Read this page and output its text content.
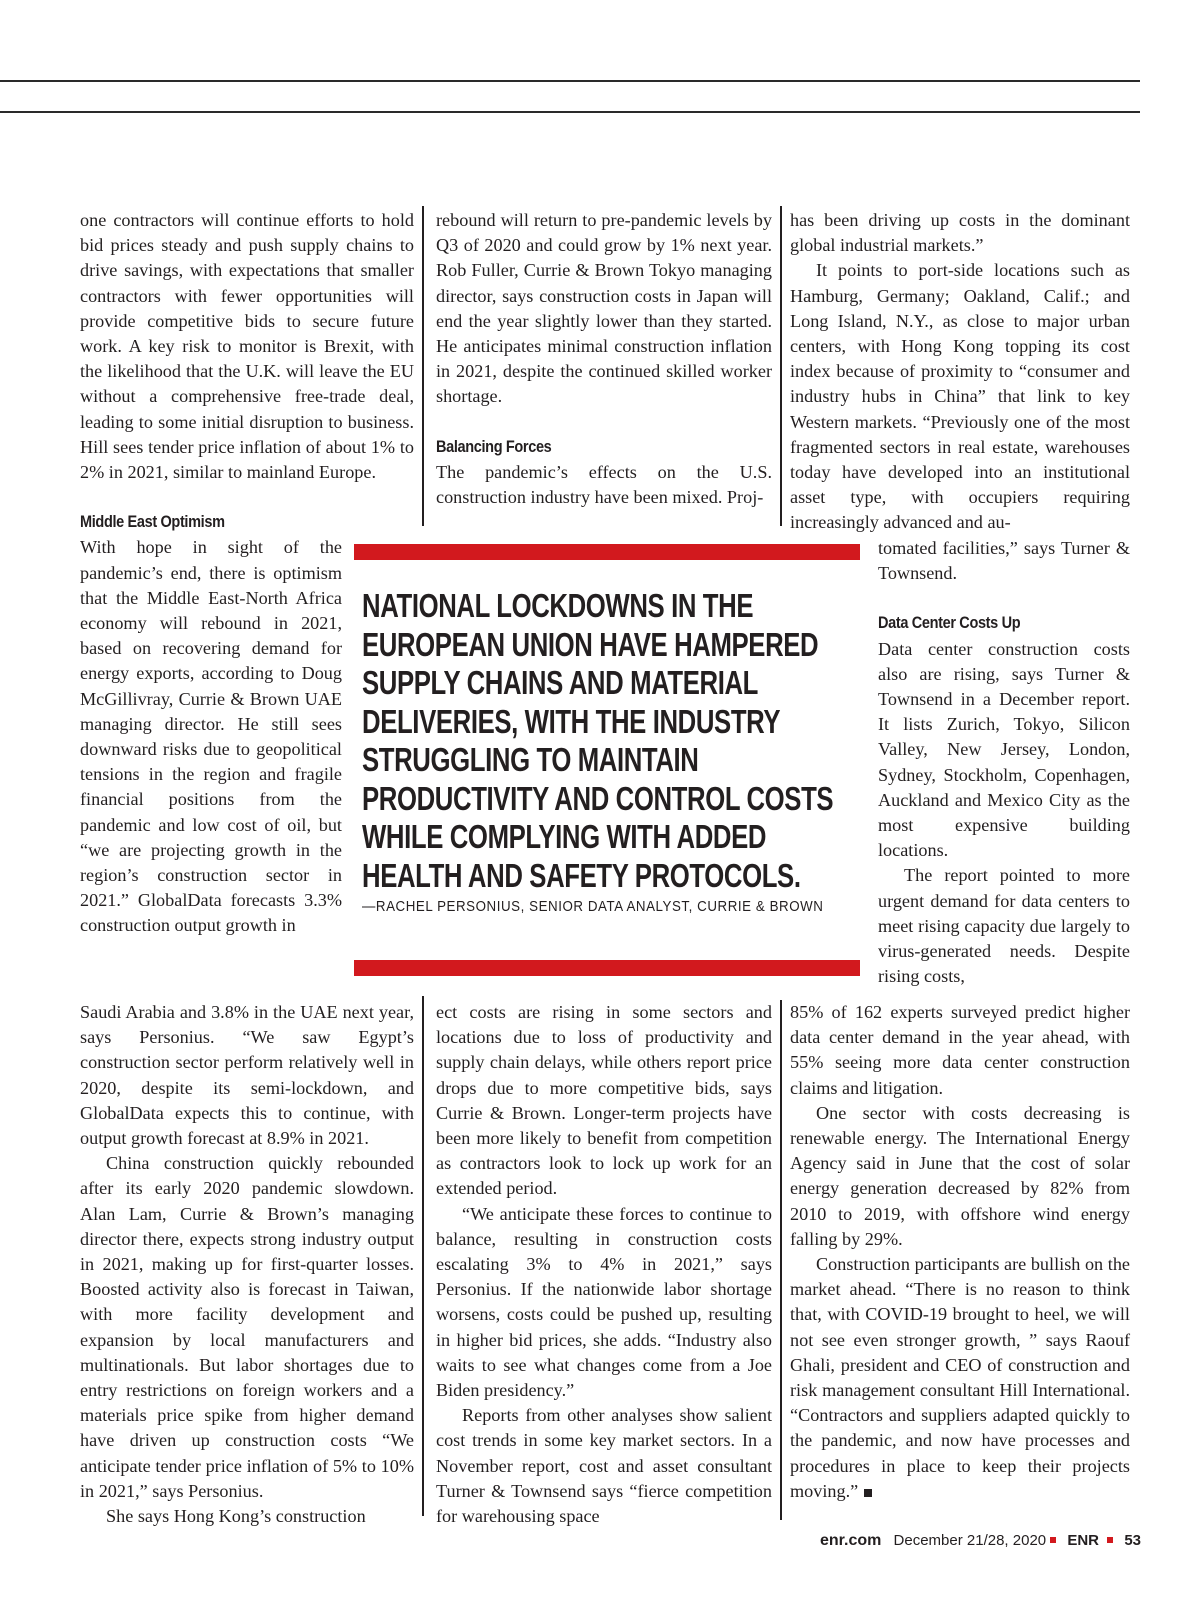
one contractors will continue efforts to hold bid prices steady and push supply chains to drive savings, with expectations that smaller contractors with fewer opportunities will provide competitive bids to secure future work. A key risk to monitor is Brexit, with the likelihood that the U.K. will leave the EU without a comprehensive free-trade deal, leading to some initial disruption to business. Hill sees tender price inflation of about 1% to 2% in 2021, similar to mainland Europe.

Middle East Optimism

With hope in sight of the pandemic’s end, there is optimism that the Middle East-North Africa economy will rebound in 2021, based on recovering demand for energy exports, according to Doug McGillivray, Currie & Brown UAE managing director. He still sees downward risks due to geopolitical tensions in the region and fragile financial positions from the pandemic and low cost of oil, but “we are projecting growth in the region’s construction sector in 2021.” GlobalData forecasts 3.3% construction output growth in

Saudi Arabia and 3.8% in the UAE next year, says Personius. “We saw Egypt’s construction sector perform relatively well in 2020, despite its semi-lockdown, and GlobalData expects this to continue, with output growth forecast at 8.9% in 2021.

China construction quickly rebounded after its early 2020 pandemic slowdown. Alan Lam, Currie & Brown’s managing director there, expects strong industry output in 2021, making up for first-quarter losses. Boosted activity also is forecast in Taiwan, with more facility development and expansion by local manufacturers and multinationals. But labor shortages due to entry restrictions on foreign workers and a materials price spike from higher demand have driven up construction costs “We anticipate tender price inflation of 5% to 10% in 2021,” says Personius.

She says Hong Kong’s construction

rebound will return to pre-pandemic levels by Q3 of 2020 and could grow by 1% next year. Rob Fuller, Currie & Brown Tokyo managing director, says construction costs in Japan will end the year slightly lower than they started. He anticipates minimal construction inflation in 2021, despite the continued skilled worker shortage.

Balancing Forces

The pandemic’s effects on the U.S. construction industry have been mixed. Proj-

ect costs are rising in some sectors and locations due to loss of productivity and supply chain delays, while others report price drops due to more competitive bids, says Currie & Brown. Longer-term projects have been more likely to benefit from competition as contractors look to lock up work for an extended period.

“We anticipate these forces to continue to balance, resulting in construction costs escalating 3% to 4% in 2021,” says Personius. If the nationwide labor shortage worsens, costs could be pushed up, resulting in higher bid prices, she adds. “Industry also waits to see what changes come from a Joe Biden presidency.”

Reports from other analyses show salient cost trends in some key market sectors. In a November report, cost and asset consultant Turner & Townsend says “fierce competition for warehousing space

has been driving up costs in the dominant global industrial markets.”

It points to port-side locations such as Hamburg, Germany; Oakland, Calif.; and Long Island, N.Y., as close to major urban centers, with Hong Kong topping its cost index because of proximity to “consumer and industry hubs in China” that link to key Western markets. “Previously one of the most fragmented sectors in real estate, warehouses today have developed into an institutional asset type, with occupiers requiring increasingly advanced and au-

tomated facilities,” says Turner & Townsend.

Data Center Costs Up

Data center construction costs also are rising, says Turner & Townsend in a December report. It lists Zurich, Tokyo, Silicon Valley, New Jersey, London, Sydney, Stockholm, Copenhagen, Auckland and Mexico City as the most expensive building locations.

The report pointed to more urgent demand for data centers to meet rising capacity due largely to virus-generated needs. Despite rising costs,

85% of 162 experts surveyed predict higher data center demand in the year ahead, with 55% seeing more data center construction claims and litigation.

One sector with costs decreasing is renewable energy. The International Energy Agency said in June that the cost of solar energy generation decreased by 82% from 2010 to 2019, with offshore wind energy falling by 29%.

Construction participants are bullish on the market ahead. “There is no reason to think that, with COVID-19 brought to heel, we will not see even stronger growth, ” says Raouf Ghali, president and CEO of construction and risk management consultant Hill International. “Contractors and suppliers adapted quickly to the pandemic, and now have processes and procedures in place to keep their projects moving.”

NATIONAL LOCKDOWNS IN THE EUROPEAN UNION HAVE HAMPERED SUPPLY CHAINS AND MATERIAL DELIVERIES, WITH THE INDUSTRY STRUGGLING TO MAINTAIN PRODUCTIVITY AND CONTROL COSTS WHILE COMPLYING WITH ADDED HEALTH AND SAFETY PROTOCOLS.

—RACHEL PERSONIUS, SENIOR DATA ANALYST, CURRIE & BROWN
enr.com December 21/28, 2020 ENR 53
